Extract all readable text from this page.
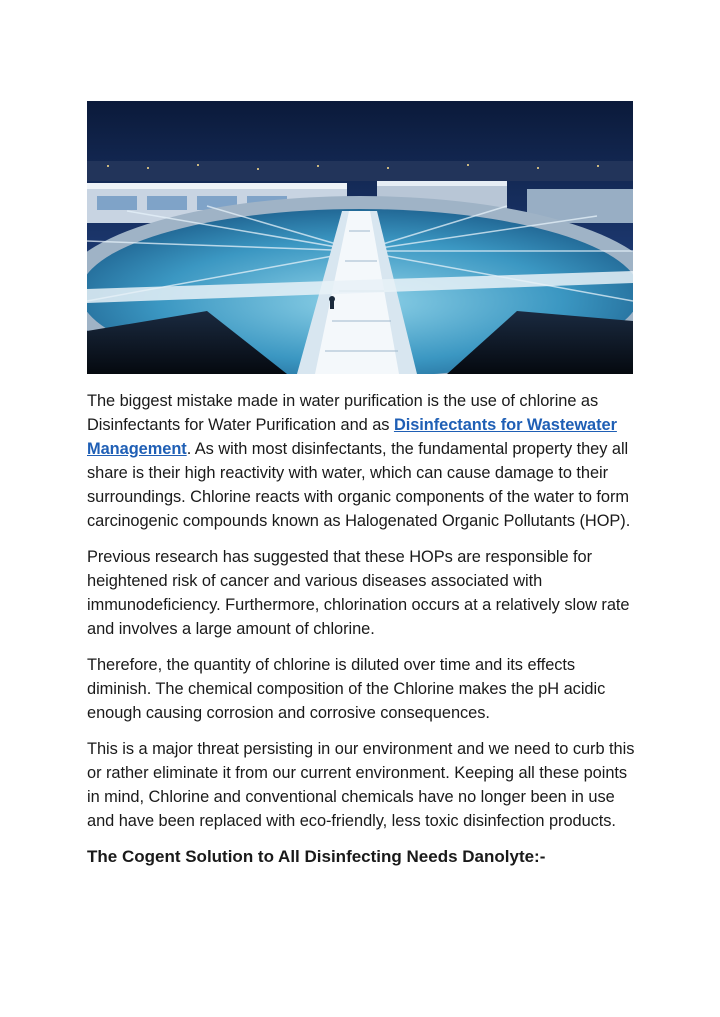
The biggest mistake made in water purification is the use of chlorine as Disinfectants for Water Purification and as Disinfectants for Wastewater Management. As with most disinfectants, the fundamental property they all share is their high reactivity with water, which can cause damage to their surroundings. Chlorine reacts with organic components of the water to form carcinogenic compounds known as Halogenated Organic Pollutants (HOP).

Previous research has suggested that these HOPs are responsible for heightened risk of cancer and various diseases associated with immunodeficiency. Furthermore, chlorination occurs at a relatively slow rate and involves a large amount of chlorine.

Therefore, the quantity of chlorine is diluted over time and its effects diminish. The chemical composition of the Chlorine makes the pH acidic enough causing corrosion and corrosive consequences.

This is a major threat persisting in our environment and we need to curb this or rather eliminate it from our current environment. Keeping all these points in mind, Chlorine and conventional chemicals have no longer been in use and have been replaced with eco-friendly, less toxic disinfection products.

The Cogent Solution to All Disinfecting Needs Danolyte:-
